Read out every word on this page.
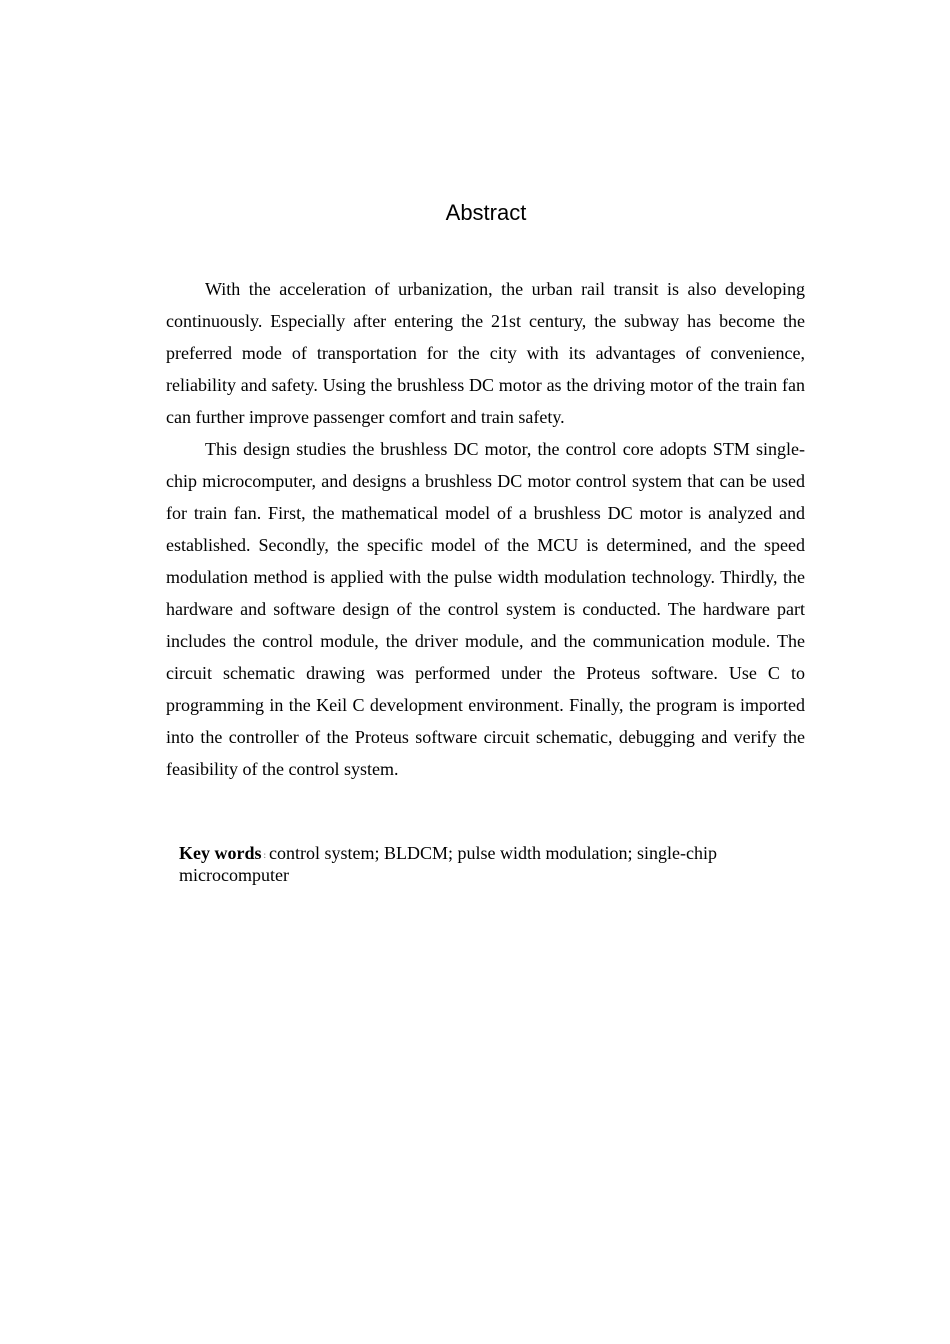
Abstract

With the acceleration of urbanization, the urban rail transit is also developing continuously. Especially after entering the 21st century, the subway has become the preferred mode of transportation for the city with its advantages of convenience, reliability and safety. Using the brushless DC motor as the driving motor of the train fan can further improve passenger comfort and train safety.

This design studies the brushless DC motor, the control core adopts STM single-chip microcomputer, and designs a brushless DC motor control system that can be used for train fan. First, the mathematical model of a brushless DC motor is analyzed and established. Secondly, the specific model of the MCU is determined, and the speed modulation method is applied with the pulse width modulation technology. Thirdly, the hardware and software design of the control system is conducted. The hardware part includes the control module, the driver module, and the communication module. The circuit schematic drawing was performed under the Proteus software. Use C to programming in the Keil C development environment. Finally, the program is imported into the controller of the Proteus software circuit schematic, debugging and verify the feasibility of the control system.

Key words : control system; BLDCM; pulse width modulation; single-chip microcomputer
